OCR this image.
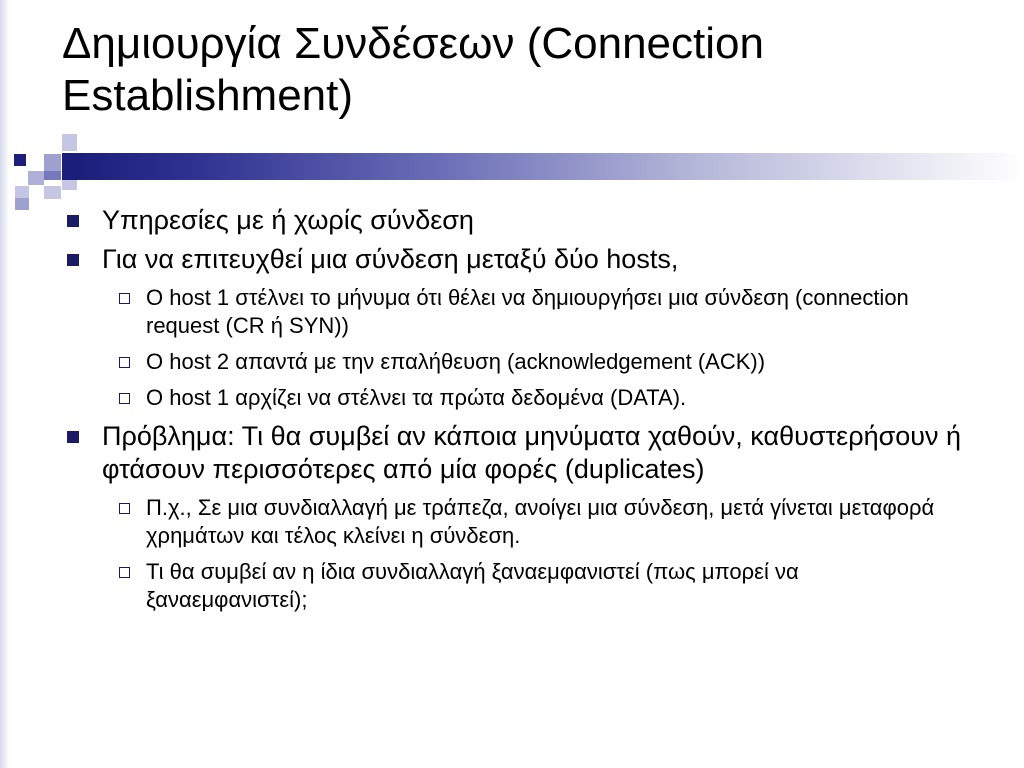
Δημιουργία Συνδέσεων (Connection Establishment)
Υπηρεσίες με ή χωρίς σύνδεση
Για να επιτευχθεί μια σύνδεση μεταξύ δύο hosts,
O host 1 στέλνει το μήνυμα ότι θέλει να δημιουργήσει μια σύνδεση (connection request (CR ή SYN))
O host 2 απαντά με την επαλήθευση (acknowledgement (ACK))
O host 1 αρχίζει να στέλνει τα πρώτα δεδομένα (DATA).
Πρόβλημα: Τι θα συμβεί αν κάποια μηνύματα χαθούν, καθυστερήσουν ή φτάσουν περισσότερες από μία φορές (duplicates)
Π.χ., Σε μια συνδιαλλαγή με τράπεζα, ανοίγει μια σύνδεση, μετά γίνεται μεταφορά χρημάτων και τέλος κλείνει η σύνδεση.
Τι θα συμβεί αν η ίδια συνδιαλλαγή ξαναεμφανιστεί (πως μπορεί να ξαναεμφανιστεί);
